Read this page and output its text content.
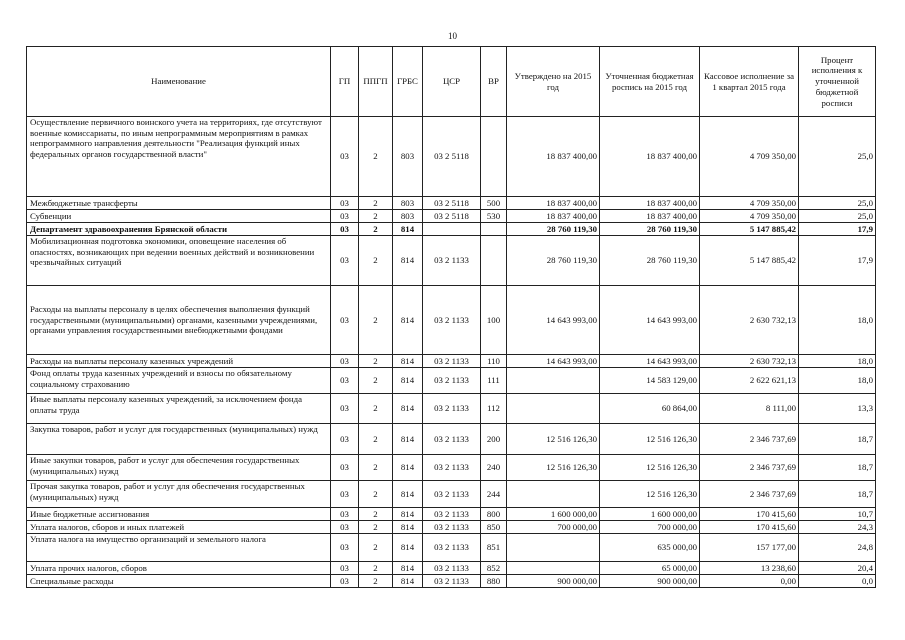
10
Наименование	ГП	ППГП	ГРБС	ЦСР	ВР	Утверждено на 2015 год	Уточненная бюджетная роспись на 2015 год	Кассовое исполнение за 1 квартал 2015 года	Процент исполнения к уточненной бюджетной росписи
Осуществление первичного воинского учета на территориях, где отсутствуют военные комиссариаты, по иным непрограммным мероприятиям в рамках непрограммного направления деятельности "Реализация функций иных федеральных органов государственной власти"	03	2	803	03 2 5118		18 837 400,00	18 837 400,00	4 709 350,00	25,0
Межбюджетные трансферты	03	2	803	03 2 5118	500	18 837 400,00	18 837 400,00	4 709 350,00	25,0
Субвенции	03	2	803	03 2 5118	530	18 837 400,00	18 837 400,00	4 709 350,00	25,0
Департамент здравоохранения Брянской области	03	2	814			28 760 119,30	28 760 119,30	5 147 885,42	17,9
Мобилизационная подготовка экономики, оповещение населения об опасностях, возникающих при ведении военных действий и возникновении чрезвычайных ситуаций	03	2	814	03 2 1133		28 760 119,30	28 760 119,30	5 147 885,42	17,9
Расходы на выплаты персоналу в целях обеспечения выполнения функций государственными (муниципальными) органами, казенными учреждениями, органами управления государственными внебюджетными фондами	03	2	814	03 2 1133	100	14 643 993,00	14 643 993,00	2 630 732,13	18,0
Расходы на выплаты персоналу казенных учреждений	03	2	814	03 2 1133	110	14 643 993,00	14 643 993,00	2 630 732,13	18,0
Фонд оплаты труда казенных учреждений и взносы по обязательному социальному страхованию	03	2	814	03 2 1133	111		14 583 129,00	2 622 621,13	18,0
Иные выплаты персоналу казенных учреждений, за исключением фонда оплаты труда	03	2	814	03 2 1133	112		60 864,00	8 111,00	13,3
Закупка товаров, работ и услуг для государственных (муниципальных) нужд	03	2	814	03 2 1133	200	12 516 126,30	12 516 126,30	2 346 737,69	18,7
Иные закупки товаров, работ и услуг для обеспечения государственных (муниципальных) нужд	03	2	814	03 2 1133	240	12 516 126,30	12 516 126,30	2 346 737,69	18,7
Прочая закупка товаров, работ и услуг для обеспечения государственных (муниципальных) нужд	03	2	814	03 2 1133	244		12 516 126,30	2 346 737,69	18,7
Иные бюджетные ассигнования	03	2	814	03 2 1133	800	1 600 000,00	1 600 000,00	170 415,60	10,7
Уплата налогов, сборов и иных платежей	03	2	814	03 2 1133	850	700 000,00	700 000,00	170 415,60	24,3
Уплата налога на имущество организаций и земельного налога	03	2	814	03 2 1133	851		635 000,00	157 177,00	24,8
Уплата прочих налогов, сборов	03	2	814	03 2 1133	852		65 000,00	13 238,60	20,4
Специальные расходы	03	2	814	03 2 1133	880	900 000,00	900 000,00	0,00	0,0
